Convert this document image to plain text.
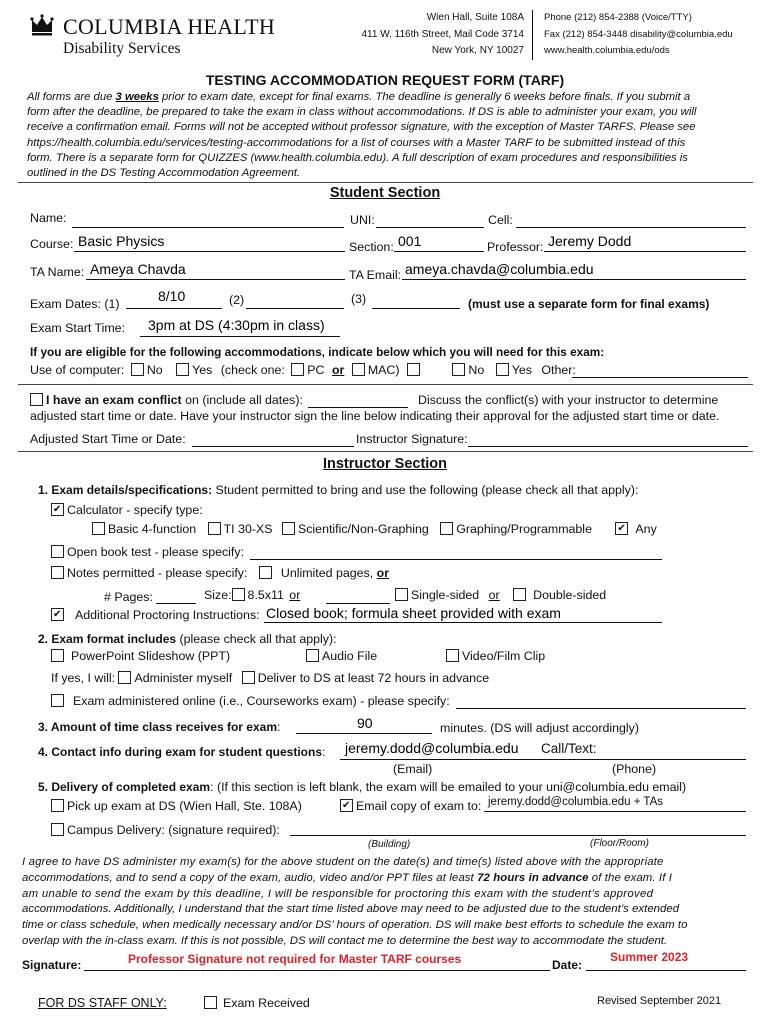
COLUMBIA HEALTH
Disability Services
Wien Hall, Suite 108A
411 W. 116th Street, Mail Code 3714
New York, NY 10027
Phone (212) 854-2388 (Voice/TTY)
Fax (212) 854-3448 disability@columbia.edu
www.health.columbia.edu/ods
TESTING ACCOMMODATION REQUEST FORM (TARF)
All forms are due 3 weeks prior to exam date, except for final exams. The deadline is generally 6 weeks before finals. If you submit a
form after the deadline, be prepared to take the exam in class without accommodations. If DS is able to administer your exam, you will
receive a confirmation email. Forms will not be accepted without professor signature, with the exception of Master TARFS. Please see
https://health.columbia.edu/services/testing-accommodations for a list of courses with a Master TARF to be submitted instead of this
form. There is a separate form for QUIZZES (www.health.columbia.edu). A full description of exam procedures and responsibilities is
outlined in the DS Testing Accommodation Agreement.
Student Section
Name:	UNI:	Cell:
Course: Basic Physics	Section: 001	Professor: Jeremy Dodd
TA Name: Ameya Chavda	TA Email: ameya.chavda@columbia.edu
Exam Dates: (1)	8/10	(2)	(3)	(must use a separate form for final exams)
Exam Start Time: 3pm at DS (4:30pm in class)
If you are eligible for the following accommodations, indicate below which you will need for this exam:
Use of computer: No Yes (check one: PC or MAC)	No Yes Other:
I have an exam conflict on (include all dates):	Discuss the conflict(s) with your instructor to determine
adjusted start time or date. Have your instructor sign the line below indicating their approval for the adjusted start time or date.
Adjusted Start Time or Date:	Instructor Signature:
Instructor Section
1. Exam details/specifications: Student permitted to bring and use the following (please check all that apply):
✔Calculator - specify type:
Basic 4-function TI 30-XS Scientific/Non-Graphing Graphing/Programmable ✔	Any
Open book test - please specify:
Notes permitted - please specify:	Unlimited pages, or
# Pages:	Size: 8.5x11 or	Single-sided or	Double-sided
✔Additional Proctoring Instructions: Closed book; formula sheet provided with exam
2. Exam format includes (please check all that apply):
PowerPoint Slideshow (PPT)	Audio File	Video/Film Clip
If yes, I will: Administer myself Deliver to DS at least 72 hours in advance
Exam administered online (i.e., Courseworks exam) - please specify:
3. Amount of time class receives for exam:	90	minutes. (DS will adjust accordingly)
4. Contact info during exam for student questions: jeremy.dodd@columbia.edu Call/Text:
(Email)	(Phone)
5. Delivery of completed exam: (If this section is left blank, the exam will be emailed to your uni@columbia.edu email)
Pick up exam at DS (Wien Hall, Ste. 108A) ✔	Email copy of exam to: jeremy.dodd@columbia.edu + TAs
Campus Delivery: (signature required):
(Building)	(Floor/Room)
I agree to have DS administer my exam(s) for the above student on the date(s) and time(s) listed above with the appropriate
accommodations, and to send a copy of the exam, audio, video and/or PPT files at least 72 hours in advance of the exam. If I
am unable to send the exam by this deadline, I will be responsible for proctoring this exam with the student’s approved
accommodations. Additionally, I understand that the start time listed above may need to be adjusted due to the student’s extended
time or class schedule, when medically necessary and/or DS’ hours of operation. DS will make best efforts to schedule the exam to
overlap with the in-class exam. If this is not possible, DS will contact me to determine the best way to accommodate the student.
Signature:	Professor Signature not required for Master TARF courses	Date:
Summer 2023
FOR DS STAFF ONLY:	Exam Received	Revised September 2021
